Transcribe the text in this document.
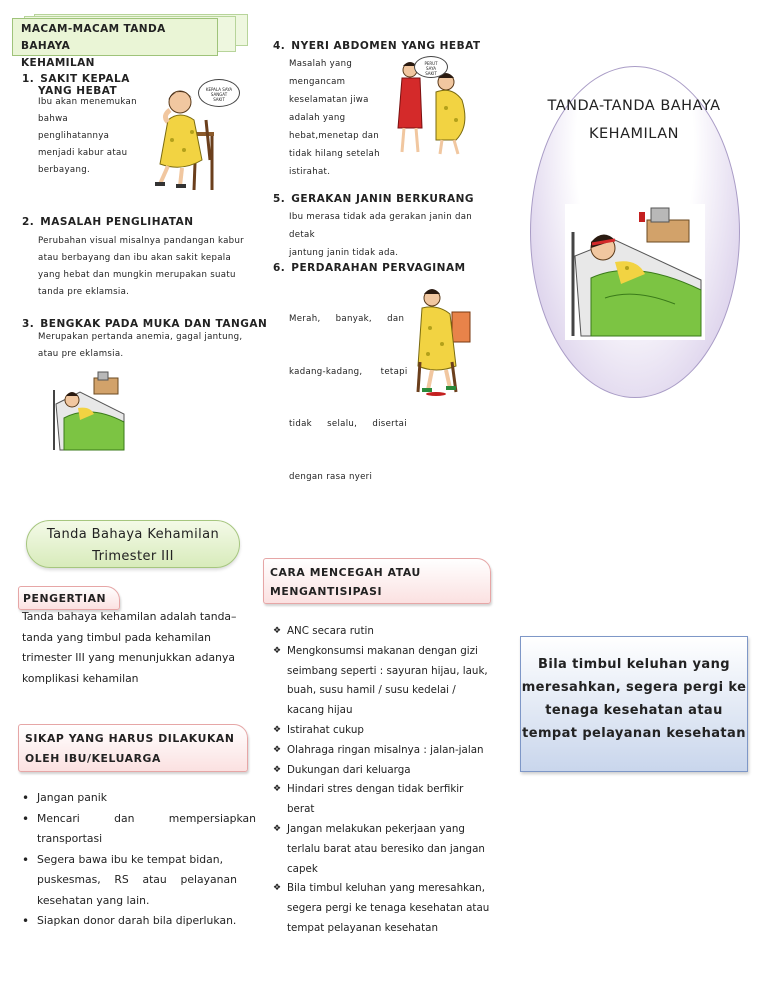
MACAM-MACAM TANDA BAHAYA
KEHAMILAN
1. SAKIT KEPALA
YANG HEBAT
Ibu akan menemukan
bahwa
penglihatannya
menjadi kabur atau
berbayang.
KEPALA SAYA
SANGAT
SAKIT
2. MASALAH PENGLIHATAN
Perubahan visual misalnya pandangan kabur
atau berbayang dan ibu akan sakit kepala
yang hebat dan mungkin merupakan suatu
tanda pre eklamsia.
3. BENGKAK PADA MUKA DAN TANGAN
Merupakan pertanda anemia, gagal jantung,
atau pre eklamsia.
4. NYERI ABDOMEN YANG HEBAT
Masalah yang
mengancam
keselamatan jiwa
adalah yang
hebat,menetap dan
tidak hilang setelah
istirahat.
PERUT
SAYA
SAKIT
5. GERAKAN JANIN BERKURANG
Ibu merasa tidak ada gerakan janin dan detak
jantung janin tidak ada.
6. PERDARAHAN PERVAGINAM

Merah,     banyak,     dan

kadang-kadang,      tetapi

tidak     selalu,     disertai

dengan rasa nyeri

TANDA-TANDA BAHAYA
KEHAMILAN
Tanda Bahaya Kehamilan
Trimester III
PENGERTIAN
Tanda bahaya kehamilan adalah tanda–
tanda yang timbul pada kehamilan
trimester III yang menunjukkan adanya
komplikasi kehamilan
SIKAP YANG HARUS DILAKUKAN
OLEH IBU/KELUARGA
• Jangan panik
• Mencari          dan          mempersiapkan
transportasi
• Segera bawa ibu ke tempat bidan,
puskesmas,    RS    atau    pelayanan
kesehatan yang lain.
• Siapkan donor darah bila diperlukan.
CARA MENCEGAH ATAU
MENGANTISIPASI
❖ ANC secara rutin
❖ Mengkonsumsi makanan dengan gizi
seimbang seperti : sayuran hijau, lauk,
buah, susu hamil / susu kedelai /
kacang hijau
❖ Istirahat cukup
❖ Olahraga ringan misalnya : jalan-jalan
❖ Dukungan dari keluarga
❖ Hindari stres dengan tidak berfikir berat
❖ Jangan melakukan pekerjaan yang
terlalu barat atau beresiko dan jangan
capek
❖ Bila timbul keluhan yang meresahkan,
segera pergi ke tenaga kesehatan atau
tempat pelayanan kesehatan
Bila timbul keluhan yang
meresahkan, segera pergi ke
tenaga kesehatan atau
tempat pelayanan kesehatan
